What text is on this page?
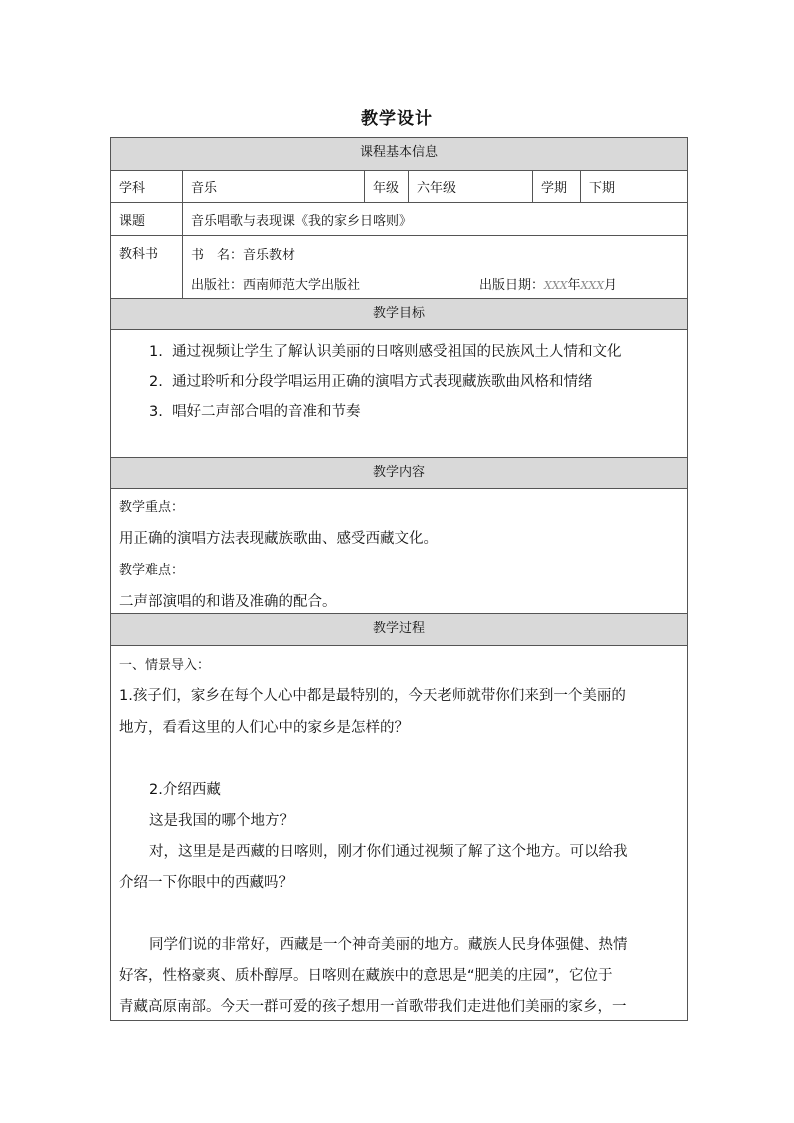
教学设计
课程基本信息
学科	音乐	年级	六年级	学期	下期
课题	音乐唱歌与表现课《我的家乡日喀则》
教科书	书　名：音乐教材
出版社：西南师范大学出版社	出版日期：XXX年XXX月
教学目标
1. 通过视频让学生了解认识美丽的日喀则感受祖国的民族风土人情和文化
2. 通过聆听和分段学唱运用正确的演唱方式表现藏族歌曲风格和情绪
3. 唱好二声部合唱的音准和节奏
教学内容
教学重点：
用正确的演唱方法表现藏族歌曲、感受西藏文化。
教学难点：
二声部演唱的和谐及准确的配合。
教学过程
一、情景导入：
1.孩子们，家乡在每个人心中都是最特别的，今天老师就带你们来到一个美丽的
地方，看看这里的人们心中的家乡是怎样的？
2.介绍西藏
这是我国的哪个地方？
对，这里是是西藏的日喀则，刚才你们通过视频了解了这个地方。可以给我
介绍一下你眼中的西藏吗？
同学们说的非常好，西藏是一个神奇美丽的地方。藏族人民身体强健、热情
好客，性格豪爽、质朴醇厚。日喀则在藏族中的意思是“肥美的庄园”，它位于
青藏高原南部。今天一群可爱的孩子想用一首歌带我们走进他们美丽的家乡，一
